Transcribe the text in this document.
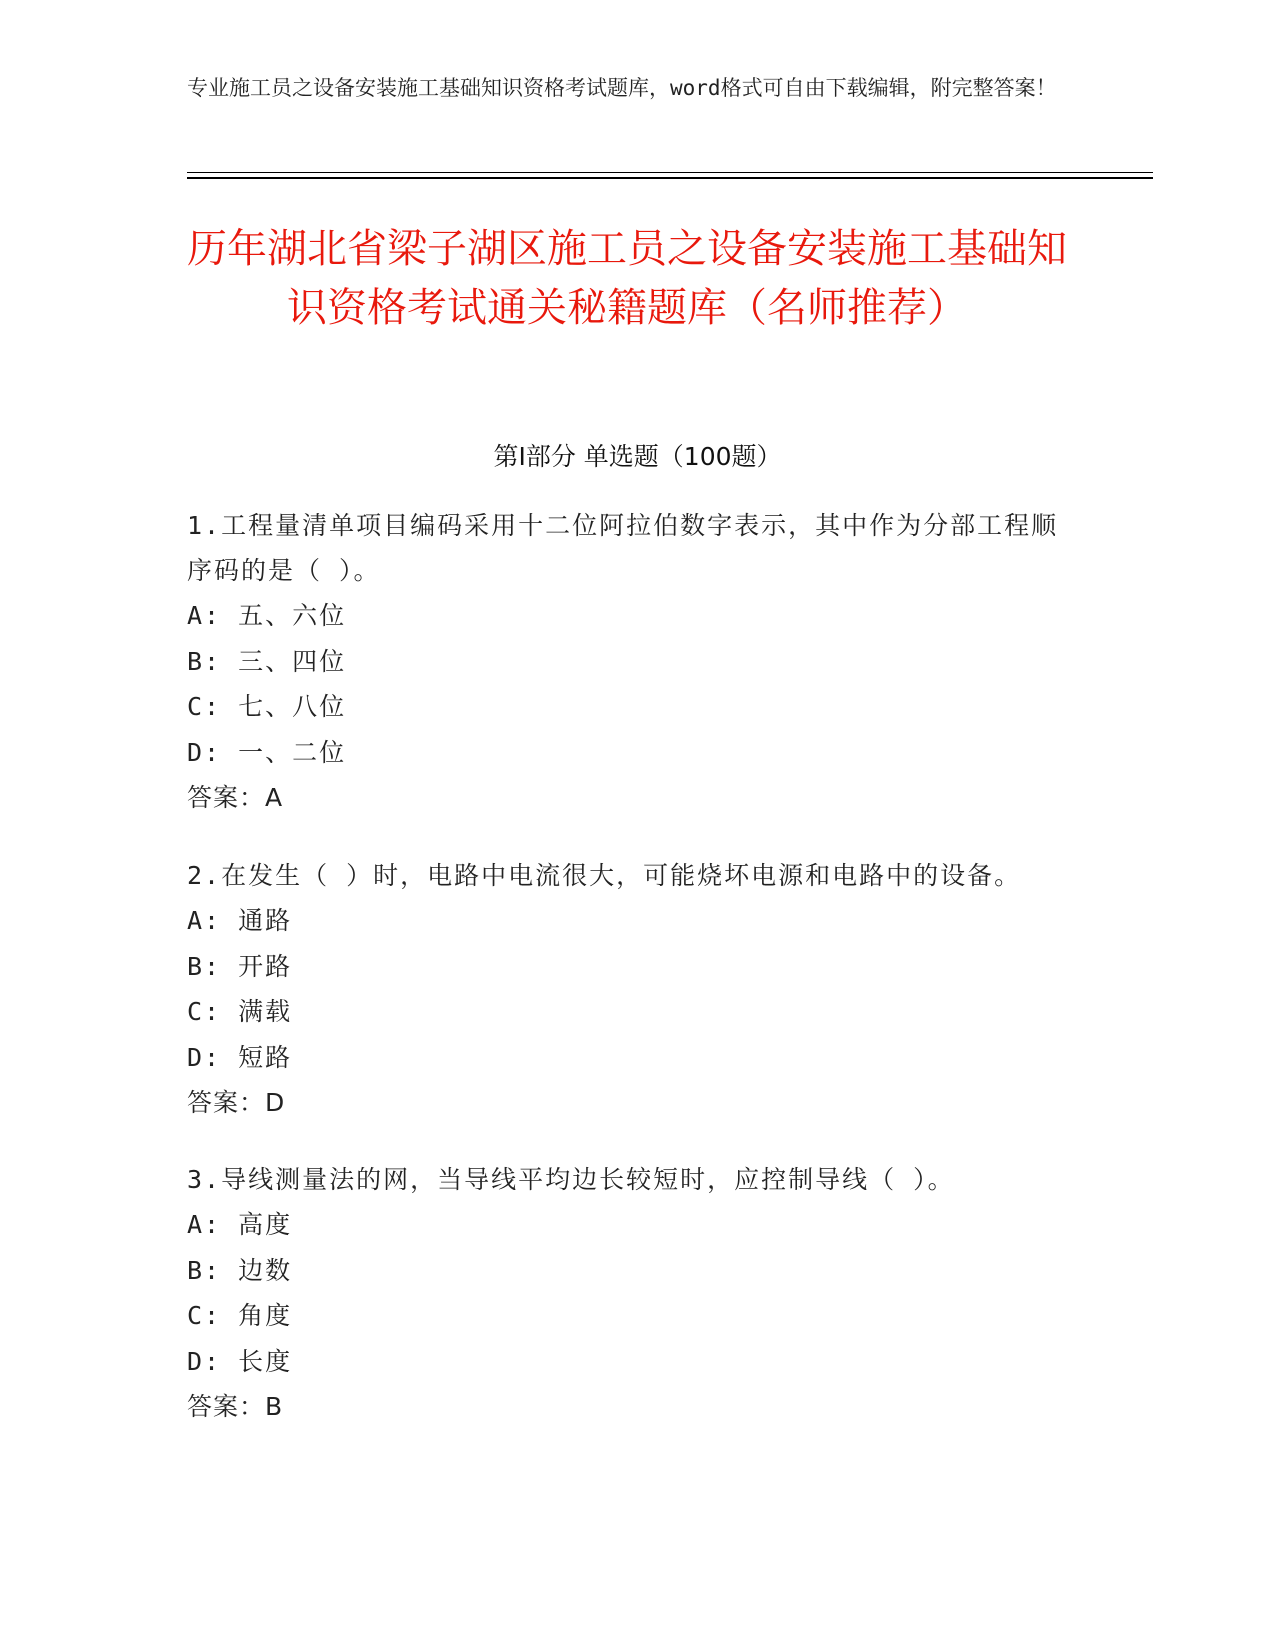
专业施工员之设备安装施工基础知识资格考试题库，word格式可自由下载编辑，附完整答案！
历年湖北省梁子湖区施工员之设备安装施工基础知识资格考试通关秘籍题库（名师推荐）
第Ⅰ部分 单选题（100题）
1.工程量清单项目编码采用十二位阿拉伯数字表示，其中作为分部工程顺序码的是（ ）。
A: 五、六位
B: 三、四位
C: 七、八位
D: 一、二位
答案：A
2.在发生（ ）时，电路中电流很大，可能烧坏电源和电路中的设备。
A: 通路
B: 开路
C: 满载
D: 短路
答案：D
3.导线测量法的网，当导线平均边长较短时，应控制导线（ ）。
A: 高度
B: 边数
C: 角度
D: 长度
答案：B
